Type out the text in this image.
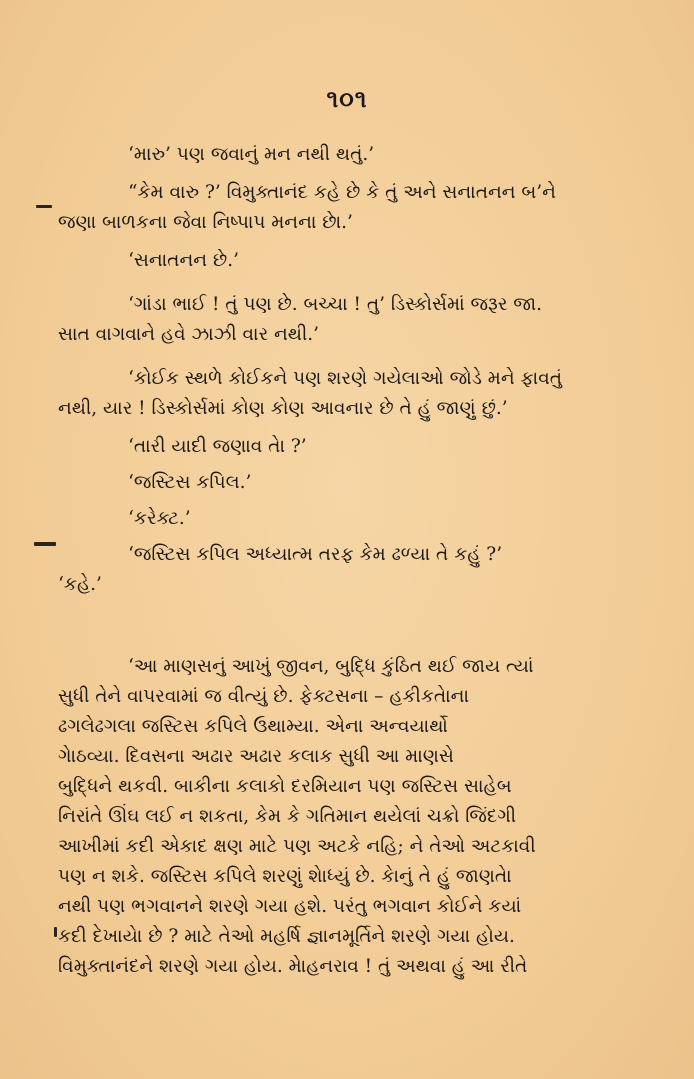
૧૦૧
‘મારુ’ પણ જવાનું મન નથી થતું.’
“કેમ વારુ ?’ વિમુક્તાનંદ કહે છે કે તું અને સનાતનન બ’ને
જણા બાળકના જેવા નિષ્પાપ મનના છેા.’
‘સનાતનન છે.’
‘ગાંડા ભાઈ ! તું પણ છે. બચ્ચા ! તુ’ ડિસ્કોર્સમાં જરૂર જા.
સાત વાગવાને હવે ઝાઝી વાર નથી.’
‘કોઈક સ્થળે કોઈકને પણ શરણે ગયેલાઓ જોડે મને ફાવતું
નથી, યાર ! ડિસ્કોર્સમાં કોણ કોણ આવનાર છે તે હું જાણું છું.’
‘તારી યાદી જણાવ તેા ?’
‘જસ્ટિસ કપિલ.’
‘કરેક્ટ.’
‘જસ્ટિસ કપિલ અધ્યાત્મ તરફ કેમ ઢળ્યા તે કહું ?’
‘કહે.’
‘આ માણસનું આખું જીવન, બુદ્ધિ કુંઠિત થઈ જાય ત્યાં
સુધી તેને વાપરવામાં જ વીત્યું છે. ફેક્ટસના – હકીકતેાના
ઢગલેઢગલા જસ્ટિસ કપિલે ઉથામ્યા. એના અન્વયાર્થો
ગેાઠવ્યા. દિવસના અઢાર અઢાર કલાક સુધી આ માણસે
બુદ્ધિને થકવી. બાકીના કલાકો દરમિયાન પણ જસ્ટિસ સાહેબ
નિરાંતે ઊંઘ લઈ ન શકતા, કેમ કે ગતિમાન થયેલાં ચક્રો જિંદગી
આખીમાં કદી એકાદ ક્ષણ માટે પણ અટકે નહિ; ને તેઓ અટકાવી
પણ ન શકે. જસ્ટિસ કપિલે શરણું શેાધ્યું છે. કેાનું તે હું જાણતેા
નથી પણ ભગવાનને શરણે ગયા હશે. પરંતુ ભગવાન કોઈને કયાં
કદી દેખાયેા છે ? માટે તેઓ મહર્ષિ જ્ઞાનમૂર્તિને શરણે ગયા હોય.
વિમુક્તાનંદને શરણે ગયા હોય. મેાહનરાવ ! તું અથવા હું આ રીતે
